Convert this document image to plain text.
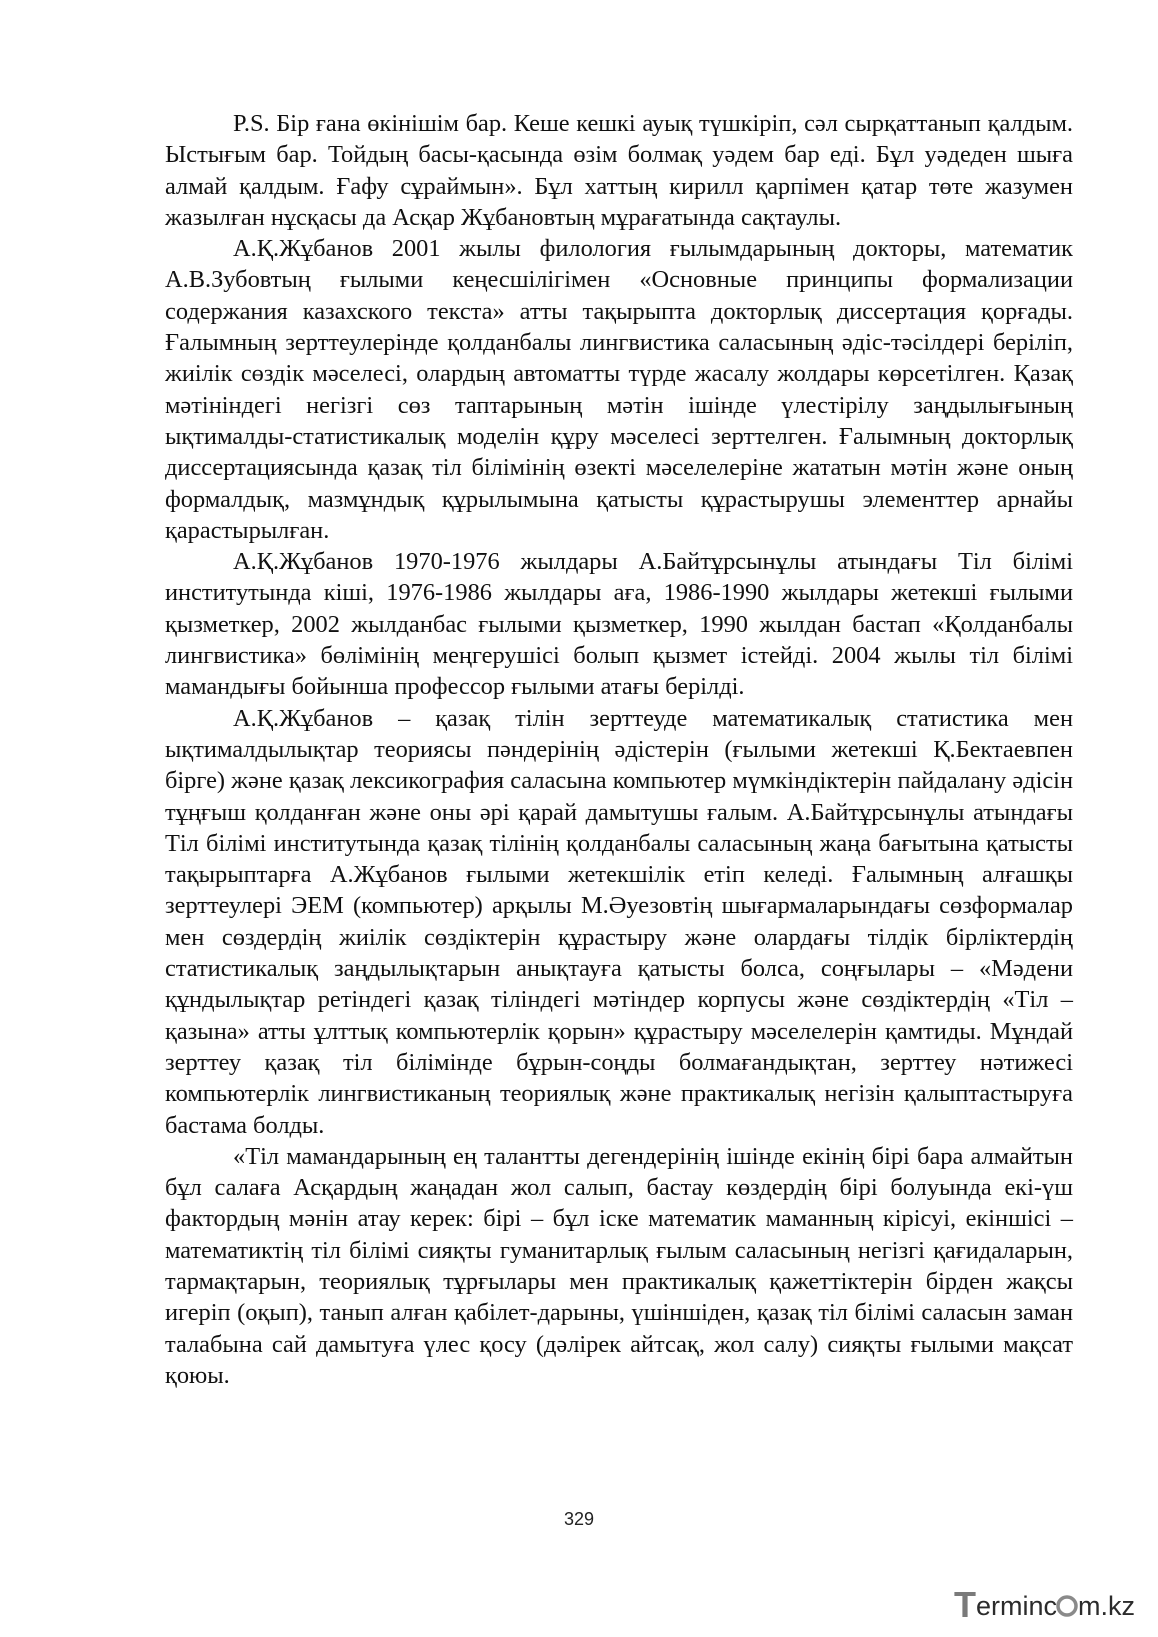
P.S. Бір ғана өкінішім бар. Кеше кешкі ауық түшкіріп, сәл сырқаттанып қалдым. Ыстығым бар. Тойдың басы-қасында өзім болмақ уәдем бар еді. Бұл уәдеден шыға алмай қалдым. Ғафу сұраймын». Бұл хаттың кирилл қарпімен қатар төте жазумен жазылған нұсқасы да Асқар Жұбановтың мұрағатында сақтаулы.

А.Қ.Жұбанов 2001 жылы филология ғылымдарының докторы, математик А.В.Зубовтың ғылыми кеңесшілігімен «Основные принципы формализации содержания казахского текста» атты тақырыпта докторлық диссертация қорғады. Ғалымның зерттеулерінде қолданбалы лингвистика саласының әдіс-тәсілдері беріліп, жиілік сөздік мәселесі, олардың автоматты түрде жасалу жолдары көрсетілген. Қазақ мәтініндегі негізгі сөз таптарының мәтін ішінде үлестірілу заңдылығының ықтималды-статистикалық моделін құру мәселесі зерттелген. Ғалымның докторлық диссертациясында қазақ тіл білімінің өзекті мәселелеріне жататын мәтін және оның формалдық, мазмұндық құрылымына қатысты құрастырушы элементтер арнайы қарастырылған.

А.Қ.Жұбанов 1970-1976 жылдары А.Байтұрсынұлы атындағы Тіл білімі институтында кіші, 1976-1986 жылдары аға, 1986-1990 жылдары жетекші ғылыми қызметкер, 2002 жылданбас ғылыми қызметкер, 1990 жылдан бастап «Қолданбалы лингвистика» бөлімінің меңгерушісі болып қызмет істейді. 2004 жылы тіл білімі мамандығы бойынша профессор ғылыми атағы берілді.

А.Қ.Жұбанов – қазақ тілін зерттеуде математикалық статистика мен ықтималдылықтар теориясы пәндерінің әдістерін (ғылыми жетекші Қ.Бектаевпен бірге) және қазақ лексикография саласына компьютер мүмкіндіктерін пайдалану әдісін тұңғыш қолданған және оны әрі қарай дамытушы ғалым. А.Байтұрсынұлы атындағы Тіл білімі институтында қазақ тілінің қолданбалы саласының жаңа бағытына қатысты тақырыптарға А.Жұбанов ғылыми жетекшілік етіп келеді. Ғалымның алғашқы зерттеулері ЭЕМ (компьютер) арқылы М.Әуезовтің шығармаларындағы сөзформалар мен сөздердің жиілік сөздіктерін құрастыру және олардағы тілдік бірліктердің статистикалық заңдылықтарын анықтауға қатысты болса, соңғылары – «Мәдени құндылықтар ретіндегі қазақ тіліндегі мәтіндер корпусы және сөздіктердің «Тіл – қазына» атты ұлттық компьютерлік қорын» құрастыру мәселелерін қамтиды. Мұндай зерттеу қазақ тіл білімінде бұрын-соңды болмағандықтан, зерттеу нәтижесі компьютерлік лингвистиканың теориялық және практикалық негізін қалыптастыруға бастама болды.

«Тіл мамандарының ең талантты дегендерінің ішінде екінің бірі бара алмайтын бұл салаға Асқардың жаңадан жол салып, бастау көздердің бірі болуында екі-үш фактордың мәнін атау керек: бірі – бұл іске математик маманның кірісуі, екіншісі – математиктің тіл білімі сияқты гуманитарлық ғылым саласының негізгі қағидаларын, тармақтарын, теориялық тұрғылары мен практикалық қажеттіктерін бірден жақсы игеріп (оқып), танып алған қабілет-дарыны, үшіншіден, қазақ тіл білімі саласын заман талабына сай дамытуға үлес қосу (дәлірек айтсақ, жол салу) сияқты ғылыми мақсат қоюы.

329
T erminc m.kz
